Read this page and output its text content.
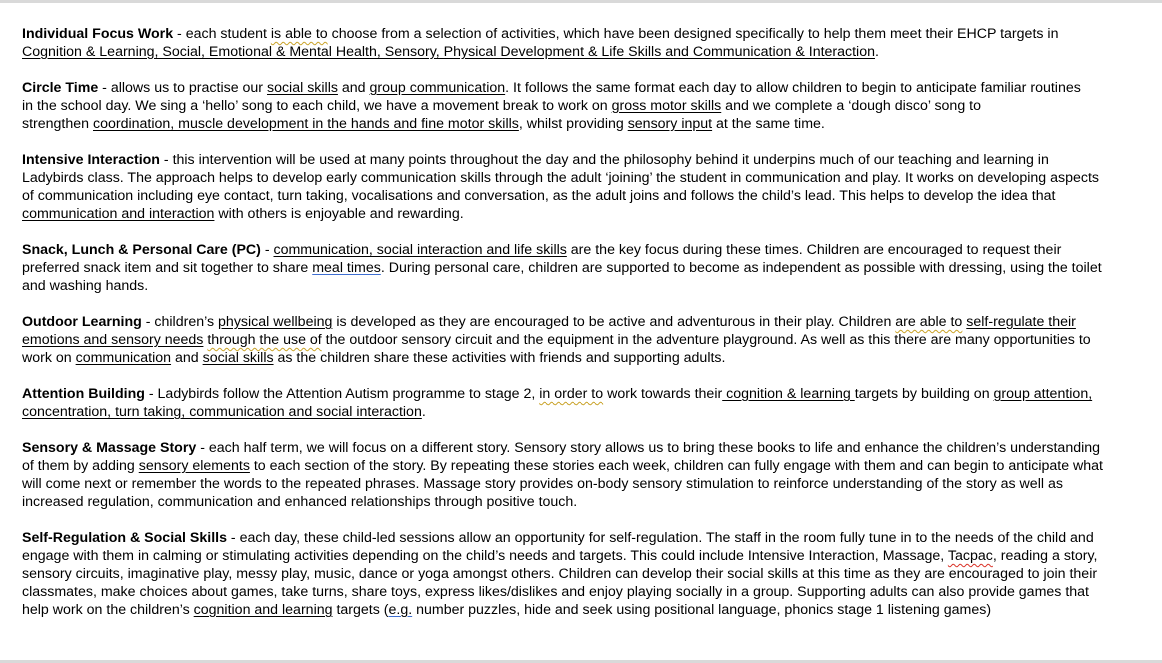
Individual Focus Work - each student is able to choose from a selection of activities, which have been designed specifically to help them meet their EHCP targets in
Cognition & Learning, Social, Emotional & Mental Health, Sensory, Physical Development & Life Skills and Communication & Interaction.

Circle Time - allows us to practise our social skills and group communication. It follows the same format each day to allow children to begin to anticipate familiar routines
in the school day. We sing a ‘hello’ song to each child, we have a movement break to work on gross motor skills and we complete a ‘dough disco’ song to
strengthen coordination, muscle development in the hands and fine motor skills, whilst providing sensory input at the same time.

Intensive Interaction - this intervention will be used at many points throughout the day and the philosophy behind it underpins much of our teaching and learning in
Ladybirds class. The approach helps to develop early communication skills through the adult ‘joining’ the student in communication and play. It works on developing aspects
of communication including eye contact, turn taking, vocalisations and conversation, as the adult joins and follows the child’s lead. This helps to develop the idea that
communication and interaction with others is enjoyable and rewarding.

Snack, Lunch & Personal Care (PC) - communication, social interaction and life skills are the key focus during these times. Children are encouraged to request their
preferred snack item and sit together to share meal times. During personal care, children are supported to become as independent as possible with dressing, using the toilet
and washing hands.

Outdoor Learning - children’s physical wellbeing is developed as they are encouraged to be active and adventurous in their play. Children are able to self-regulate their
emotions and sensory needs through the use of the outdoor sensory circuit and the equipment in the adventure playground. As well as this there are many opportunities to
work on communication and social skills as the children share these activities with friends and supporting adults.

Attention Building - Ladybirds follow the Attention Autism programme to stage 2, in order to work towards their cognition & learning targets by building on group attention,
concentration, turn taking, communication and social interaction.

Sensory & Massage Story - each half term, we will focus on a different story. Sensory story allows us to bring these books to life and enhance the children’s understanding
of them by adding sensory elements to each section of the story. By repeating these stories each week, children can fully engage with them and can begin to anticipate what
will come next or remember the words to the repeated phrases. Massage story provides on-body sensory stimulation to reinforce understanding of the story as well as
increased regulation, communication and enhanced relationships through positive touch.

Self-Regulation & Social Skills - each day, these child-led sessions allow an opportunity for self-regulation. The staff in the room fully tune in to the needs of the child and
engage with them in calming or stimulating activities depending on the child’s needs and targets. This could include Intensive Interaction, Massage, Tacpac, reading a story,
sensory circuits, imaginative play, messy play, music, dance or yoga amongst others. Children can develop their social skills at this time as they are encouraged to join their
classmates, make choices about games, take turns, share toys, express likes/dislikes and enjoy playing socially in a group. Supporting adults can also provide games that
help work on the children’s cognition and learning targets (e.g. number puzzles, hide and seek using positional language, phonics stage 1 listening games)
